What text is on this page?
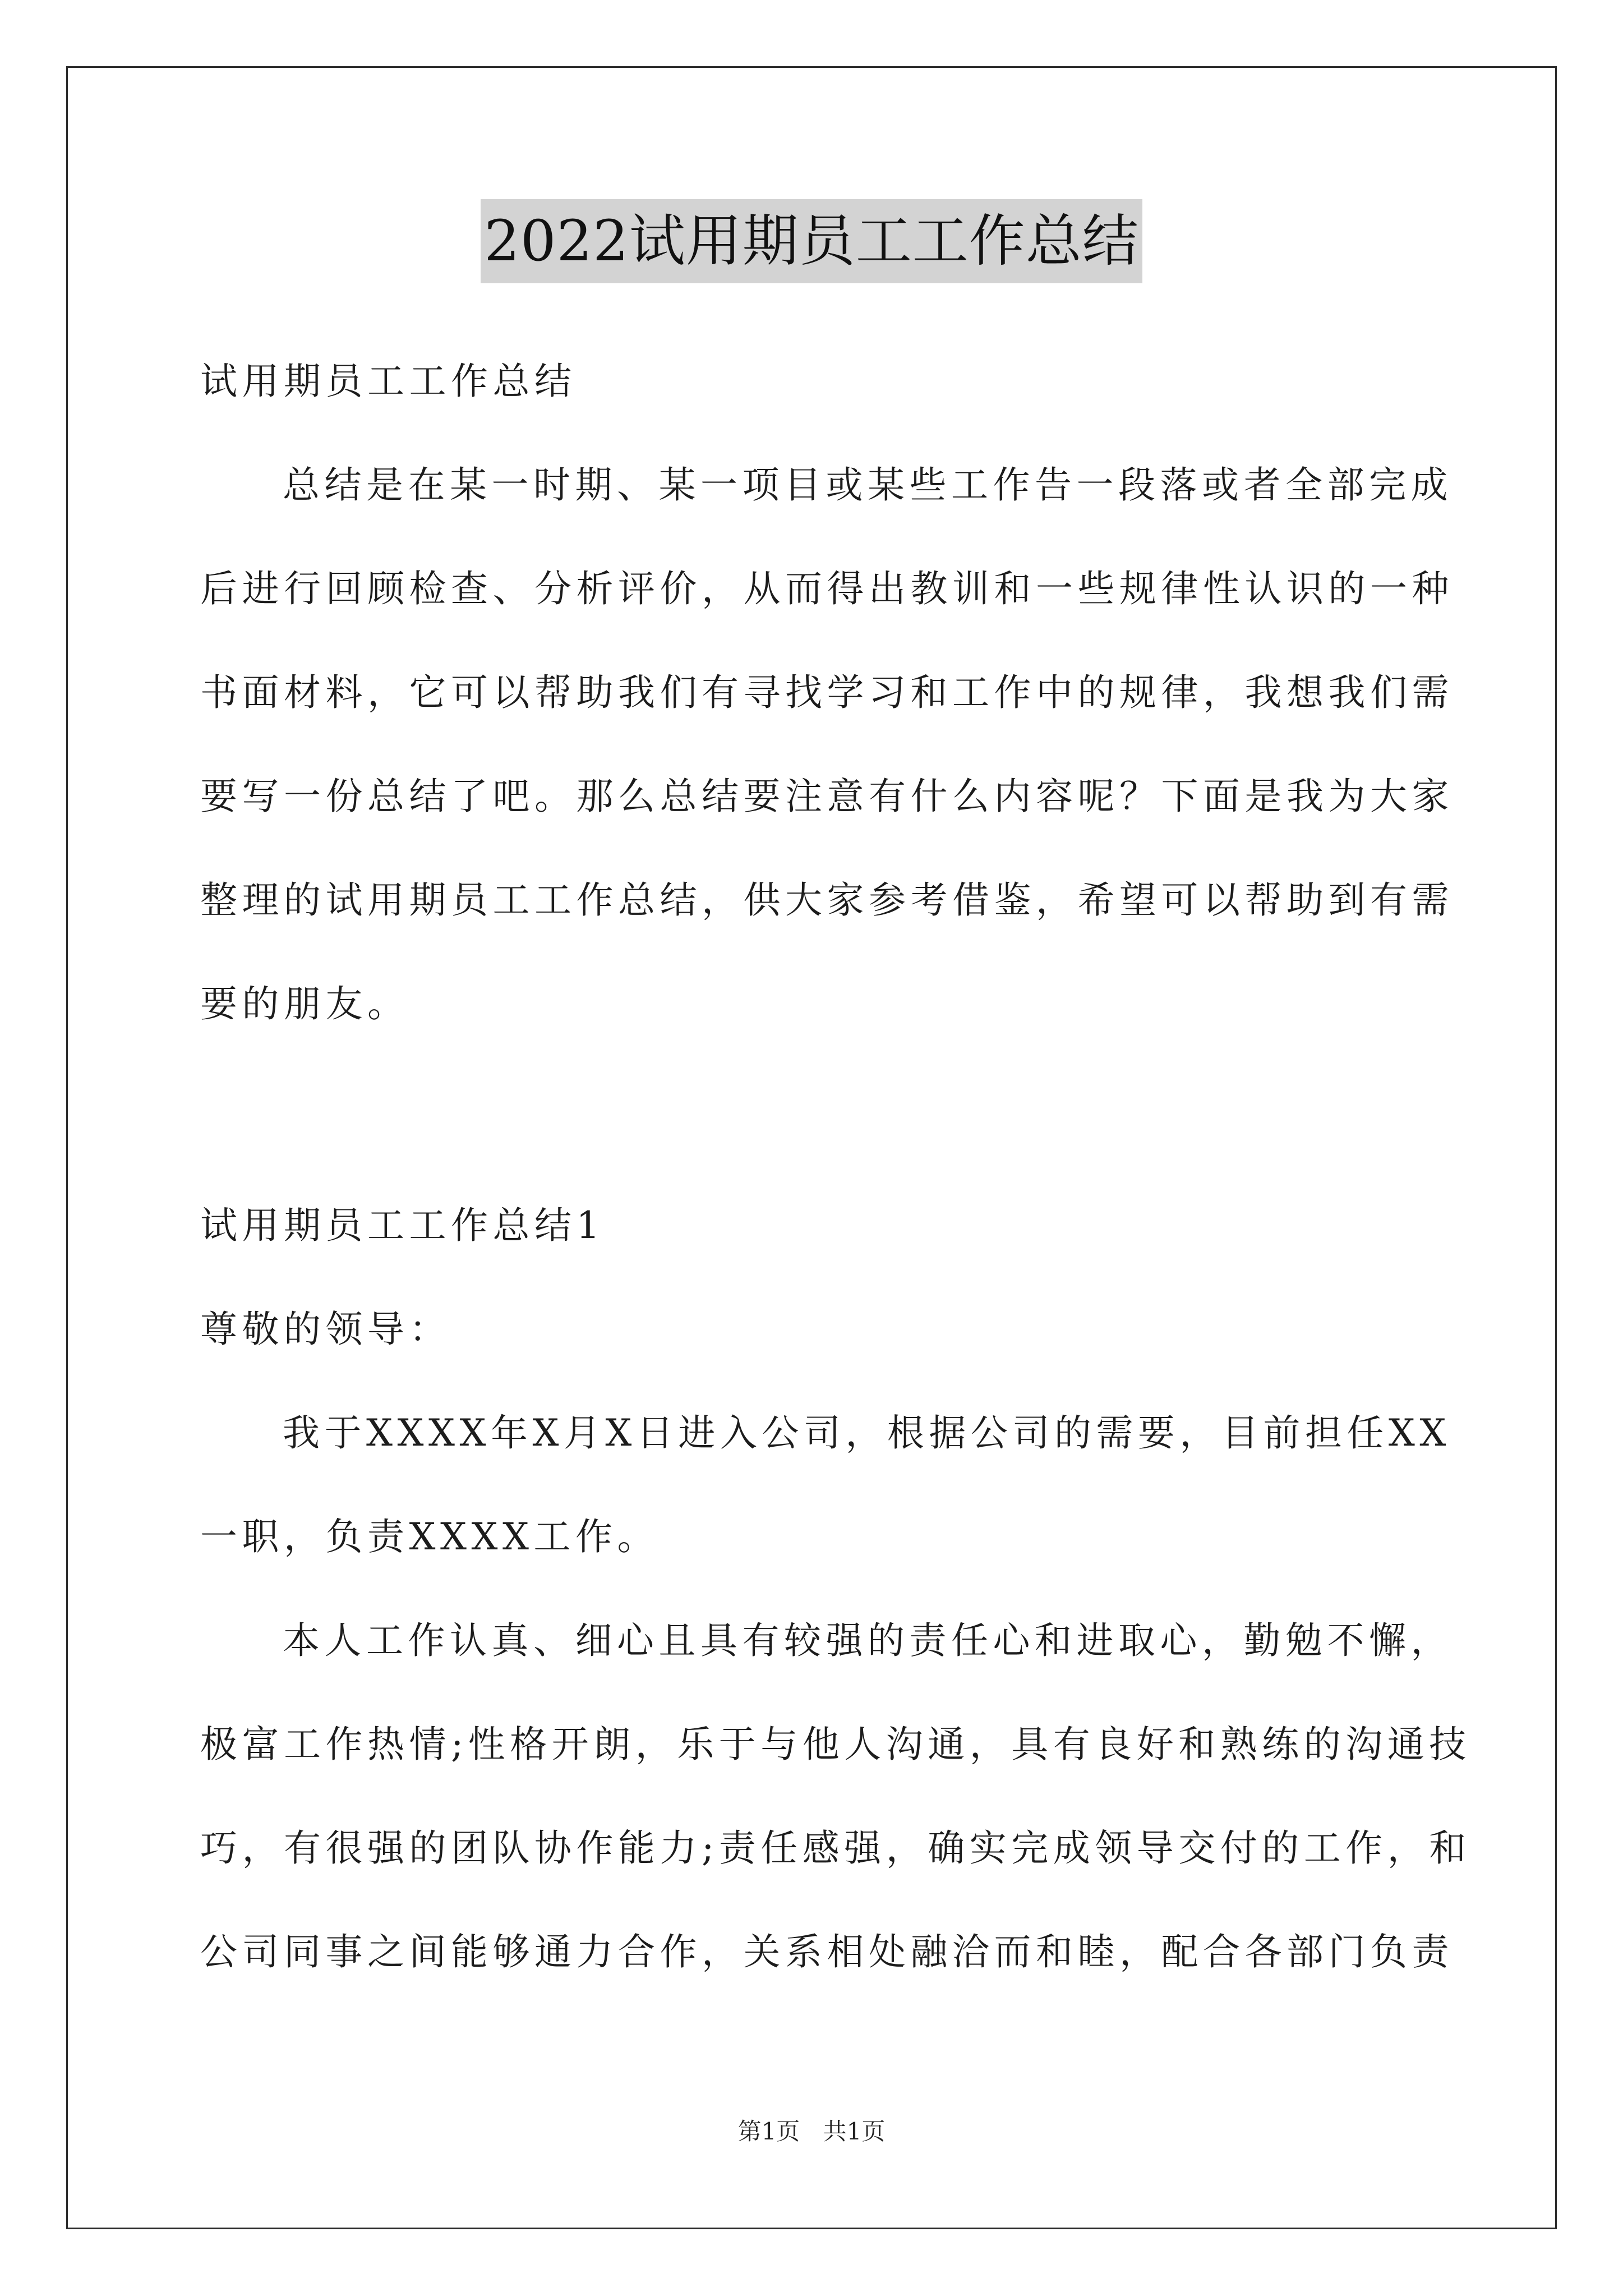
2022试用期员工工作总结
试用期员工工作总结
总结是在某一时期、某一项目或某些工作告一段落或者全部完成
后进行回顾检查、分析评价，从而得出教训和一些规律性认识的一种
书面材料，它可以帮助我们有寻找学习和工作中的规律，我想我们需
要写一份总结了吧。那么总结要注意有什么内容呢？下面是我为大家
整理的试用期员工工作总结，供大家参考借鉴，希望可以帮助到有需
要的朋友。
试用期员工工作总结1
尊敬的领导：
我于XXXX年X月X日进入公司，根据公司的需要，目前担任XX
一职，负责XXXX工作。
本人工作认真、细心且具有较强的责任心和进取心，勤勉不懈，
极富工作热情;性格开朗，乐于与他人沟通，具有良好和熟练的沟通技
巧，有很强的团队协作能力;责任感强，确实完成领导交付的工作，和
公司同事之间能够通力合作，关系相处融洽而和睦，配合各部门负责
第1页 共1页
